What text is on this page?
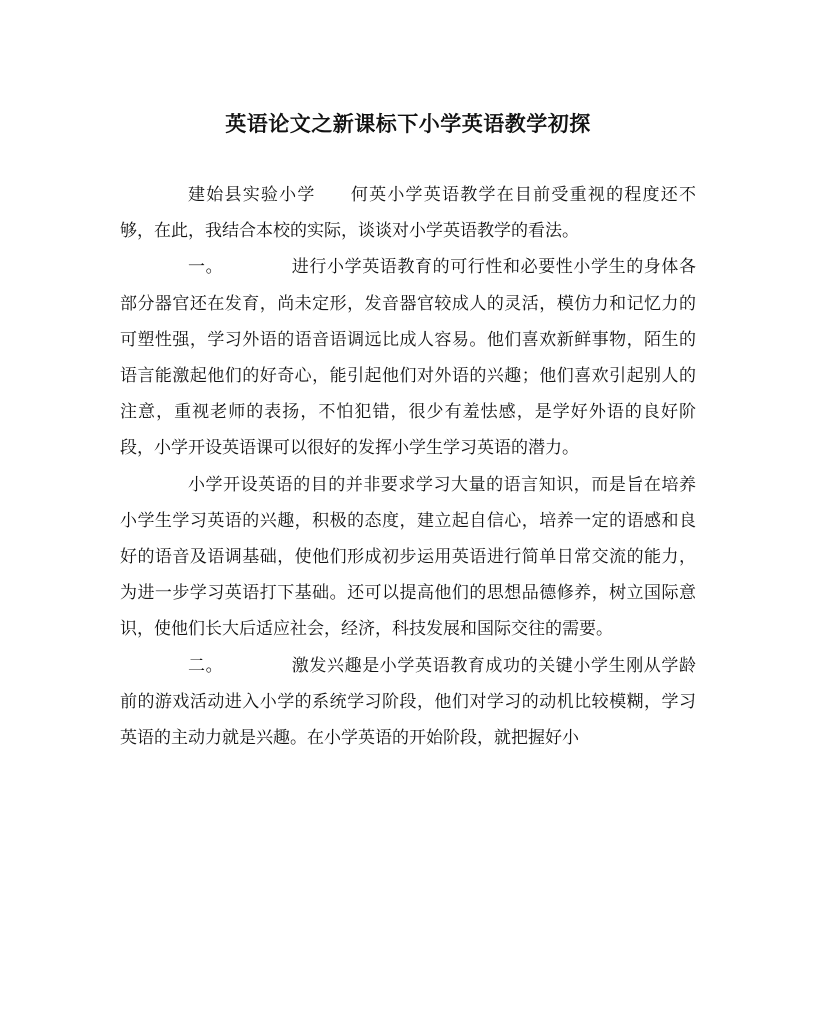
英语论文之新课标下小学英语教学初探

建始县实验小学 何英小学英语教学在目前受重视的程度还不够，在此，我结合本校的实际，谈谈对小学英语教学的看法。

一。	进行小学英语教育的可行性和必要性小学生的身体各部分器官还在发育，尚未定形，发音器官较成人的灵活，模仿力和记忆力的可塑性强，学习外语的语音语调远比成人容易。他们喜欢新鲜事物，陌生的语言能激起他们的好奇心，能引起他们对外语的兴趣；他们喜欢引起别人的注意，重视老师的表扬，不怕犯错，很少有羞怯感，是学好外语的良好阶段，小学开设英语课可以很好的发挥小学生学习英语的潜力。

小学开设英语的目的并非要求学习大量的语言知识，而是旨在培养小学生学习英语的兴趣，积极的态度，建立起自信心，培养一定的语感和良好的语音及语调基础，使他们形成初步运用英语进行简单日常交流的能力，为进一步学习英语打下基础。还可以提高他们的思想品德修养，树立国际意识，使他们长大后适应社会，经济，科技发展和国际交往的需要。

二。	激发兴趣是小学英语教育成功的关键小学生刚从学龄前的游戏活动进入小学的系统学习阶段，他们对学习的动机比较模糊，学习英语的主动力就是兴趣。在小学英语的开始阶段，就把握好小
